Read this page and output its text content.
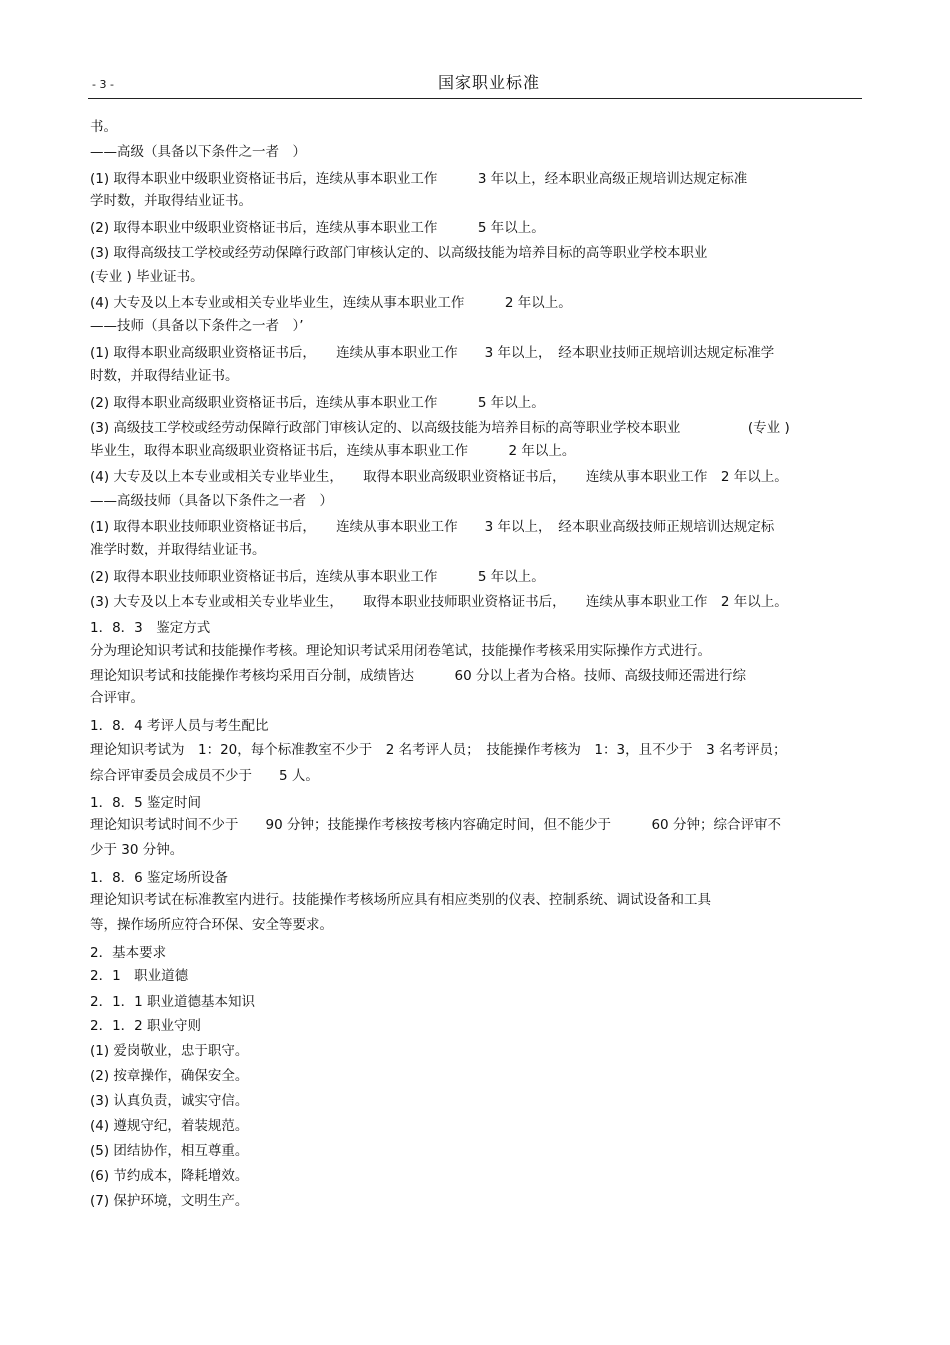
- 3 -	国家职业标准
书。
——高级（具备以下条件之一者　）
(1) 取得本职业中级职业资格证书后，连续从事本职业工作　　　3 年以上，经本职业高级正规培训达规定标准
学时数，并取得结业证书。
(2) 取得本职业中级职业资格证书后，连续从事本职业工作　　　5 年以上。
(3) 取得高级技工学校或经劳动保障行政部门审核认定的、以高级技能为培养目标的高等职业学校本职业
(专业 ) 毕业证书。
(4) 大专及以上本专业或相关专业毕业生，连续从事本职业工作　　　2 年以上。
——技师（具备以下条件之一者　）’
(1) 取得本职业高级职业资格证书后，　　连续从事本职业工作　　3 年以上，　经本职业技师正规培训达规定标准学
时数，并取得结业证书。
(2) 取得本职业高级职业资格证书后，连续从事本职业工作　　　5 年以上。
(3) 高级技工学校或经劳动保障行政部门审核认定的、以高级技能为培养目标的高等职业学校本职业　　　　　(专业 )
毕业生，取得本职业高级职业资格证书后，连续从事本职业工作　　　2 年以上。
(4) 大专及以上本专业或相关专业毕业生，　　取得本职业高级职业资格证书后，　　连续从事本职业工作　2 年以上。
——高级技师（具备以下条件之一者　）
(1) 取得本职业技师职业资格证书后，　　连续从事本职业工作　　3 年以上，　经本职业高级技师正规培训达规定标
准学时数，并取得结业证书。
(2) 取得本职业技师职业资格证书后，连续从事本职业工作　　　5 年以上。
(3) 大专及以上本专业或相关专业毕业生，　　取得本职业技师职业资格证书后，　　连续从事本职业工作　2 年以上。
1．8．3　鉴定方式
分为理论知识考试和技能操作考核。理论知识考试采用闭卷笔试，技能操作考核采用实际操作方式进行。
理论知识考试和技能操作考核均采用百分制，成绩皆达　　　60 分以上者为合格。技师、高级技师还需进行综
合评审。
1．8．4 考评人员与考生配比
理论知识考试为　1：20，每个标准教室不少于　2 名考评人员；　技能操作考核为　1：3，且不少于　3 名考评员；
综合评审委员会成员不少于　　5 人。
1．8．5 鉴定时间
理论知识考试时间不少于　　90 分钟；技能操作考核按考核内容确定时间，但不能少于　　　60 分钟；综合评审不
少于 30 分钟。
1．8．6 鉴定场所设备
理论知识考试在标准教室内进行。技能操作考核场所应具有相应类别的仪表、控制系统、调试设备和工具
等，操作场所应符合环保、安全等要求。
2．基本要求
2．1　职业道德
2．1．1 职业道德基本知识
2．1．2 职业守则
(1) 爱岗敬业，忠于职守。
(2) 按章操作，确保安全。
(3) 认真负责，诚实守信。
(4) 遵规守纪，着装规范。
(5) 团结协作，相互尊重。
(6) 节约成本，降耗增效。
(7) 保护环境，文明生产。
